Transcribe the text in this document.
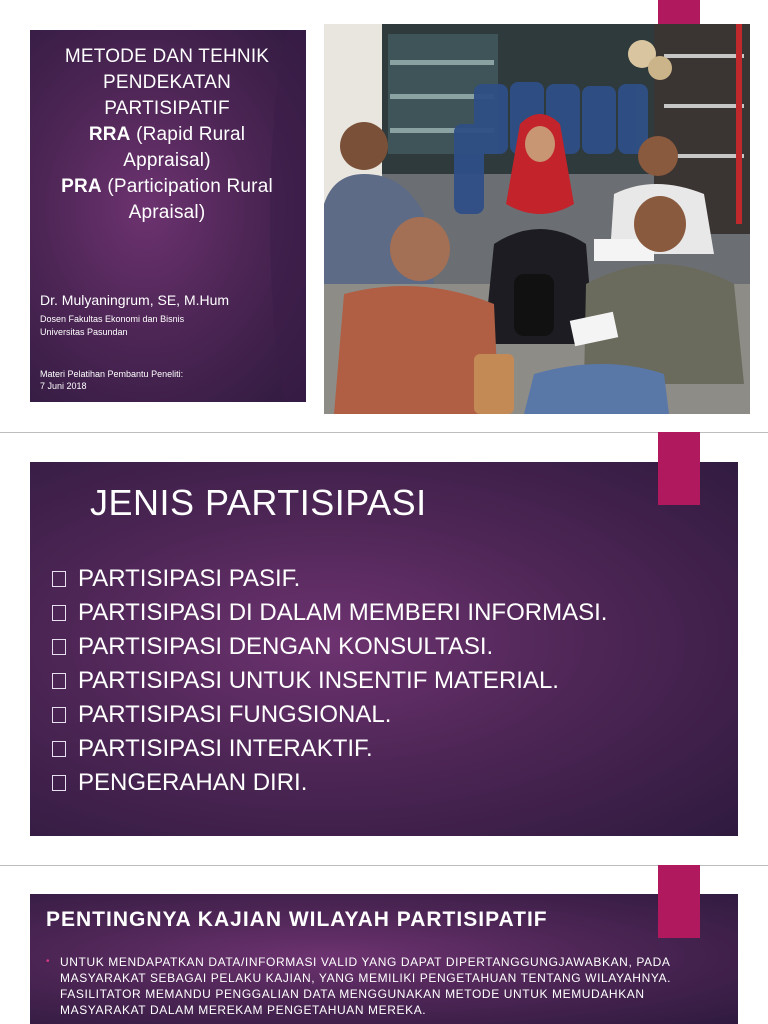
METODE DAN TEHNIK
PENDEKATAN
PARTISIPATIF
RRA (Rapid Rural
Appraisal)
PRA (Participation Rural
Apraisal)
Dr. Mulyaningrum, SE, M.Hum
Dosen Fakultas Ekonomi dan Bisnis
Universitas Pasundan
Materi Pelatihan Pembantu Peneliti:
7 Juni 2018
JENIS PARTISIPASI
PARTISIPASI PASIF.
PARTISIPASI DI DALAM MEMBERI INFORMASI.
PARTISIPASI DENGAN KONSULTASI.
PARTISIPASI UNTUK INSENTIF MATERIAL.
PARTISIPASI FUNGSIONAL.
PARTISIPASI INTERAKTIF.
PENGERAHAN DIRI.
PENTINGNYA KAJIAN WILAYAH PARTISIPATIF
• UNTUK MENDAPATKAN DATA/INFORMASI VALID YANG DAPAT DIPERTANGGUNGJAWABKAN, PADA MASYARAKAT SEBAGAI PELAKU KAJIAN, YANG MEMILIKI PENGETAHUAN TENTANG WILAYAHNYA. FASILITATOR MEMANDU PENGGALIAN DATA MENGGUNAKAN METODE UNTUK MEMUDAHKAN MASYARAKAT DALAM MEREKAM PENGETAHUAN MEREKA.
